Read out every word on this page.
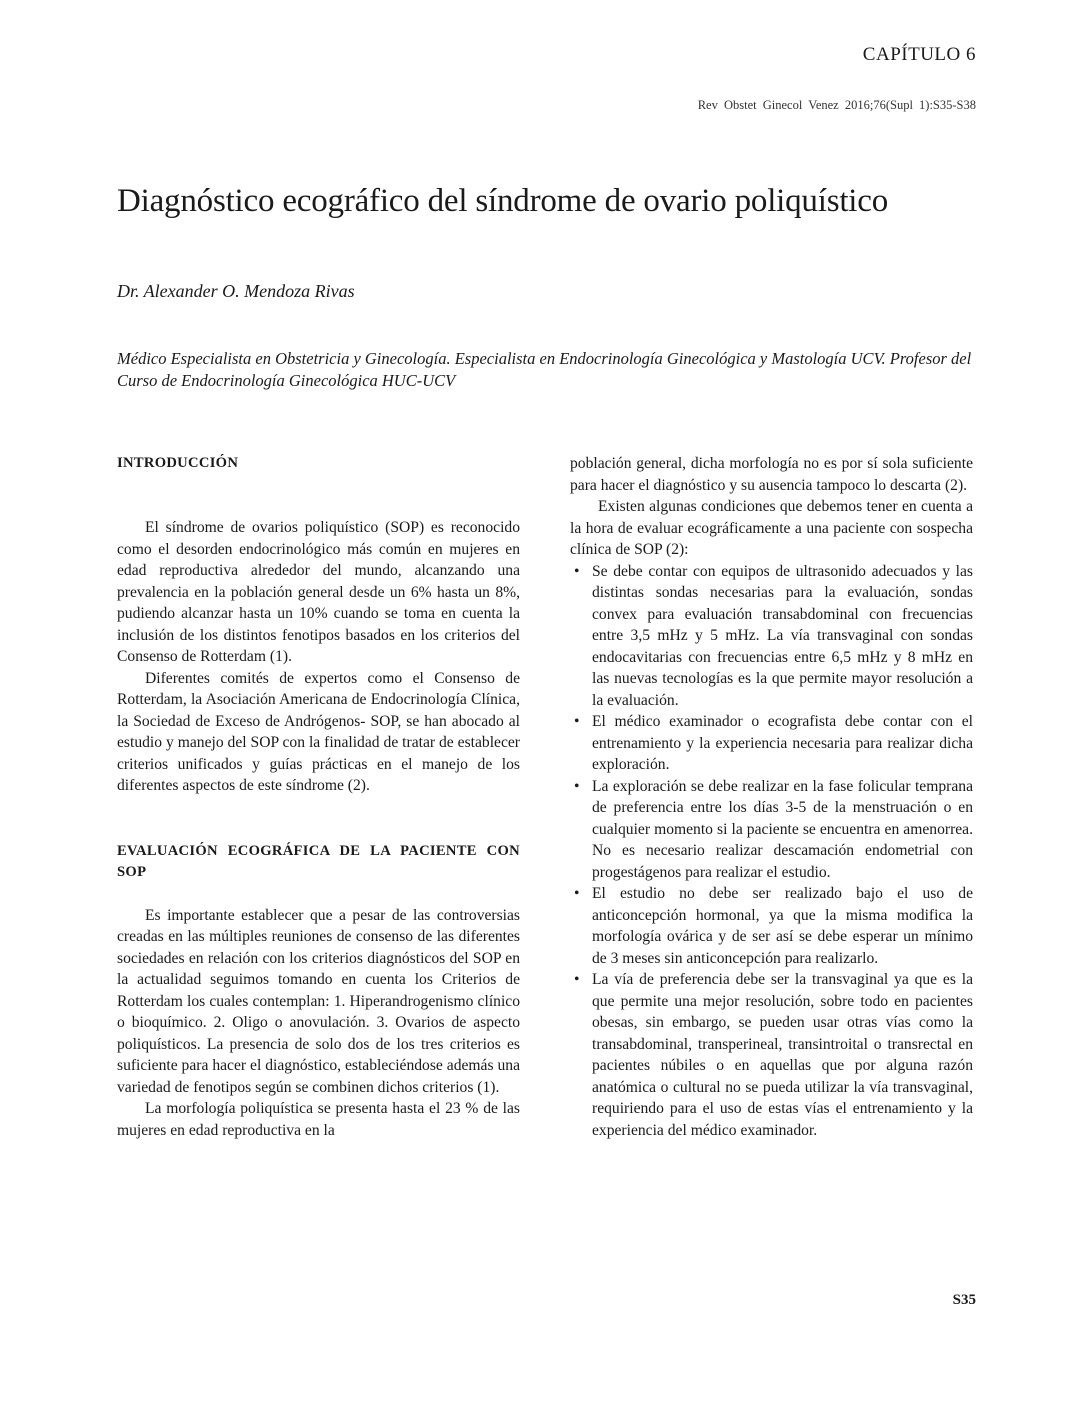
CAPÍTULO 6
Rev Obstet Ginecol Venez 2016;76(Supl 1):S35-S38
Diagnóstico ecográfico del síndrome de ovario poliquístico
Dr. Alexander O. Mendoza Rivas
Médico Especialista en Obstetricia y Ginecología. Especialista en Endocrinología Ginecológica y Mastología UCV. Profesor del Curso de Endocrinología Ginecológica HUC-UCV

INTRODUCCIÓN

El síndrome de ovarios poliquístico (SOP) es reconocido como el desorden endocrinológico más común en mujeres en edad reproductiva alrededor del mundo, alcanzando una prevalencia en la población general desde un 6% hasta un 8%, pudiendo alcanzar hasta un 10% cuando se toma en cuenta la inclusión de los distintos fenotipos basados en los criterios del Consenso de Rotterdam (1).

Diferentes comités de expertos como el Consenso de Rotterdam, la Asociación Americana de Endocrinología Clínica, la Sociedad de Exceso de Andrógenos- SOP, se han abocado al estudio y manejo del SOP con la finalidad de tratar de establecer criterios unificados y guías prácticas en el manejo de los diferentes aspectos de este síndrome (2).

EVALUACIÓN ECOGRÁFICA DE LA PACIENTE CON SOP

Es importante establecer que a pesar de las controversias creadas en las múltiples reuniones de consenso de las diferentes sociedades en relación con los criterios diagnósticos del SOP en la actualidad seguimos tomando en cuenta los Criterios de Rotterdam los cuales contemplan: 1. Hiperandrogenismo clínico o bioquímico. 2. Oligo o anovulación. 3. Ovarios de aspecto poliquísticos. La presencia de solo dos de los tres criterios es suficiente para hacer el diagnóstico, estableciéndose además una variedad de fenotipos según se combinen dichos criterios (1).

La morfología poliquística se presenta hasta el 23 % de las mujeres en edad reproductiva en la

población general, dicha morfología no es por sí sola suficiente para hacer el diagnóstico y su ausencia tampoco lo descarta (2).

Existen algunas condiciones que debemos tener en cuenta a la hora de evaluar ecográficamente a una paciente con sospecha clínica de SOP (2):

• Se debe contar con equipos de ultrasonido adecuados y las distintas sondas necesarias para la evaluación, sondas convex para evaluación transabdominal con frecuencias entre 3,5 mHz y 5 mHz. La vía transvaginal con sondas endocavitarias con frecuencias entre 6,5 mHz y 8 mHz en las nuevas tecnologías es la que permite mayor resolución a la evaluación.
• El médico examinador o ecografista debe contar con el entrenamiento y la experiencia necesaria para realizar dicha exploración.
• La exploración se debe realizar en la fase folicular temprana de preferencia entre los días 3-5 de la menstruación o en cualquier momento si la paciente se encuentra en amenorrea. No es necesario realizar descamación endometrial con progestágenos para realizar el estudio.
• El estudio no debe ser realizado bajo el uso de anticoncepción hormonal, ya que la misma modifica la morfología ovárica y de ser así se debe esperar un mínimo de 3 meses sin anticoncepción para realizarlo.
• La vía de preferencia debe ser la transvaginal ya que es la que permite una mejor resolución, sobre todo en pacientes obesas, sin embargo, se pueden usar otras vías como la transabdominal, transperineal, transintroital o transrectal en pacientes núbiles o en aquellas que por alguna razón anatómica o cultural no se pueda utilizar la vía transvaginal, requiriendo para el uso de estas vías el entrenamiento y la experiencia del médico examinador.
S35
